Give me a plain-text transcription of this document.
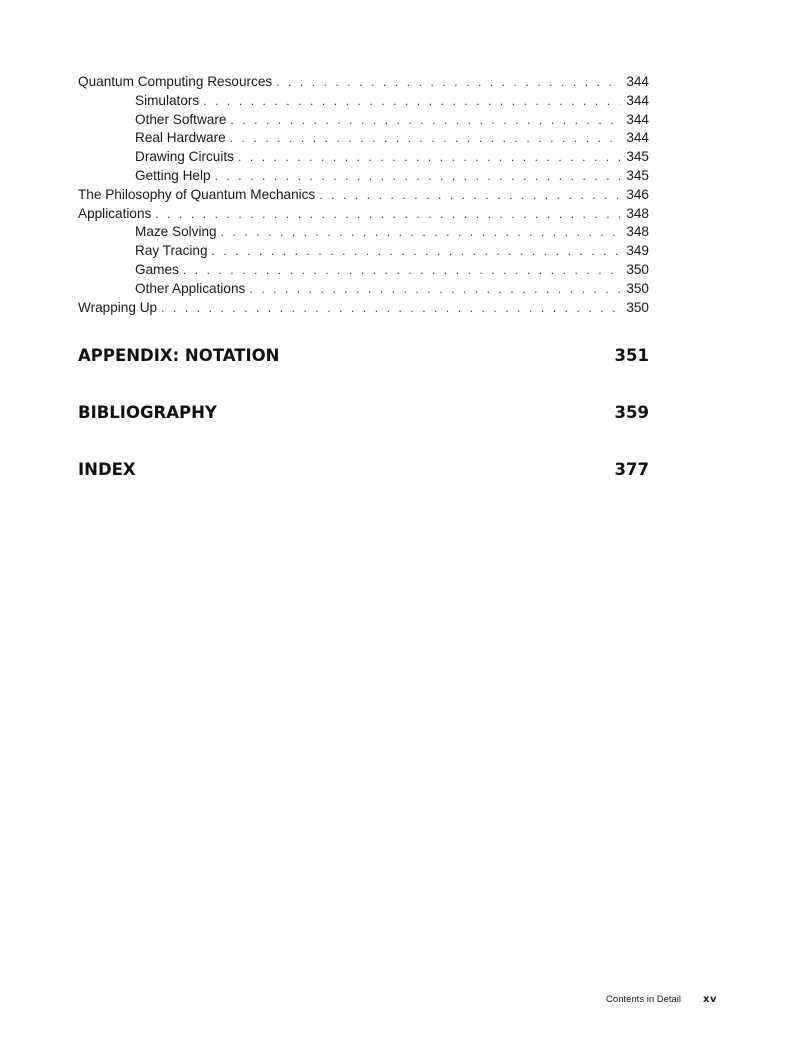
Quantum Computing Resources . . .	344
Simulators . . .	344
Other Software . . .	344
Real Hardware . . .	344
Drawing Circuits . . .	345
Getting Help . . .	345
The Philosophy of Quantum Mechanics . . .	346
Applications . . .	348
Maze Solving . . .	348
Ray Tracing . . .	349
Games . . .	350
Other Applications . . .	350
Wrapping Up . . .	350
APPENDIX: NOTATION	351
BIBLIOGRAPHY	359
INDEX	377
Contents in Detail xv
